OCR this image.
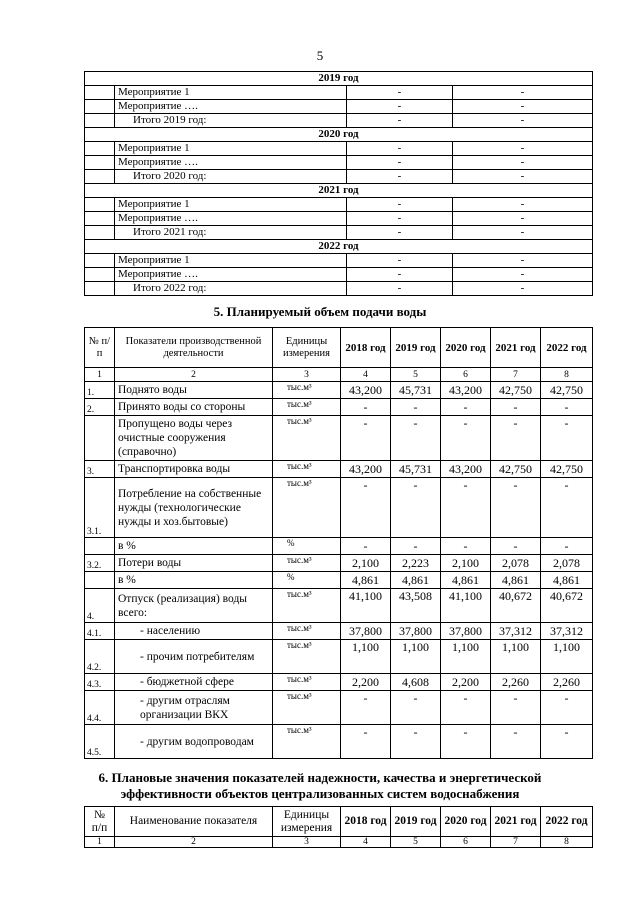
5
2019 год			
	Мероприятие 1	-	-
	Мероприятие ….	-	-
	Итого 2019 год:	-	-
2020 год			
	Мероприятие 1	-	-
	Мероприятие ….	-	-
	Итого 2020 год:	-	-
2021 год			
	Мероприятие 1	-	-
	Мероприятие ….	-	-
	Итого 2021 год:	-	-
2022 год			
	Мероприятие 1	-	-
	Мероприятие ….	-	-
	Итого 2022 год:	-	-
5. Планируемый объем подачи воды
№ п/п	Показатели производственной деятельности	Единицы измерения	2018 год	2019 год	2020 год	2021 год	2022 год
1	2	3	4	5	6	7	8
1.	Поднято воды	тыс.м³	43,200	45,731	43,200	42,750	42,750
2.	Принято воды со стороны	тыс.м³	-	-	-	-	-
	Пропущено воды через очистные сооружения (справочно)	тыс.м³	-	-	-	-	-
3.	Транспортировка воды	тыс.м³	43,200	45,731	43,200	42,750	42,750
3.1.	Потребление на собственные нужды (технологические нужды и хоз.бытовые)	тыс.м³	-	-	-	-	-
	в %	%	-	-	-	-	-
3.2.	Потери воды	тыс.м³	2,100	2,223	2,100	2,078	2,078
	в %	%	4,861	4,861	4,861	4,861	4,861
4.	Отпуск (реализация) воды всего:	тыс.м³	41,100	43,508	41,100	40,672	40,672
4.1.	- населению	тыс.м³	37,800	37,800	37,800	37,312	37,312
4.2.	- прочим потребителям	тыс.м³	1,100	1,100	1,100	1,100	1,100
4.3.	- бюджетной сфере	тыс.м³	2,200	4,608	2,200	2,260	2,260
4.4.	- другим отраслям организации ВКХ	тыс.м³	-	-	-	-	-
4.5.	- другим водопроводам	тыс.м³	-	-	-	-	-
6. Плановые значения показателей надежности, качества и энергетической
эффективности объектов централизованных систем водоснабжения
№ п/п	Наименование показателя	Единицы измерения	2018 год	2019 год	2020 год	2021 год	2022 год
1	2	3	4	5	6	7	8
